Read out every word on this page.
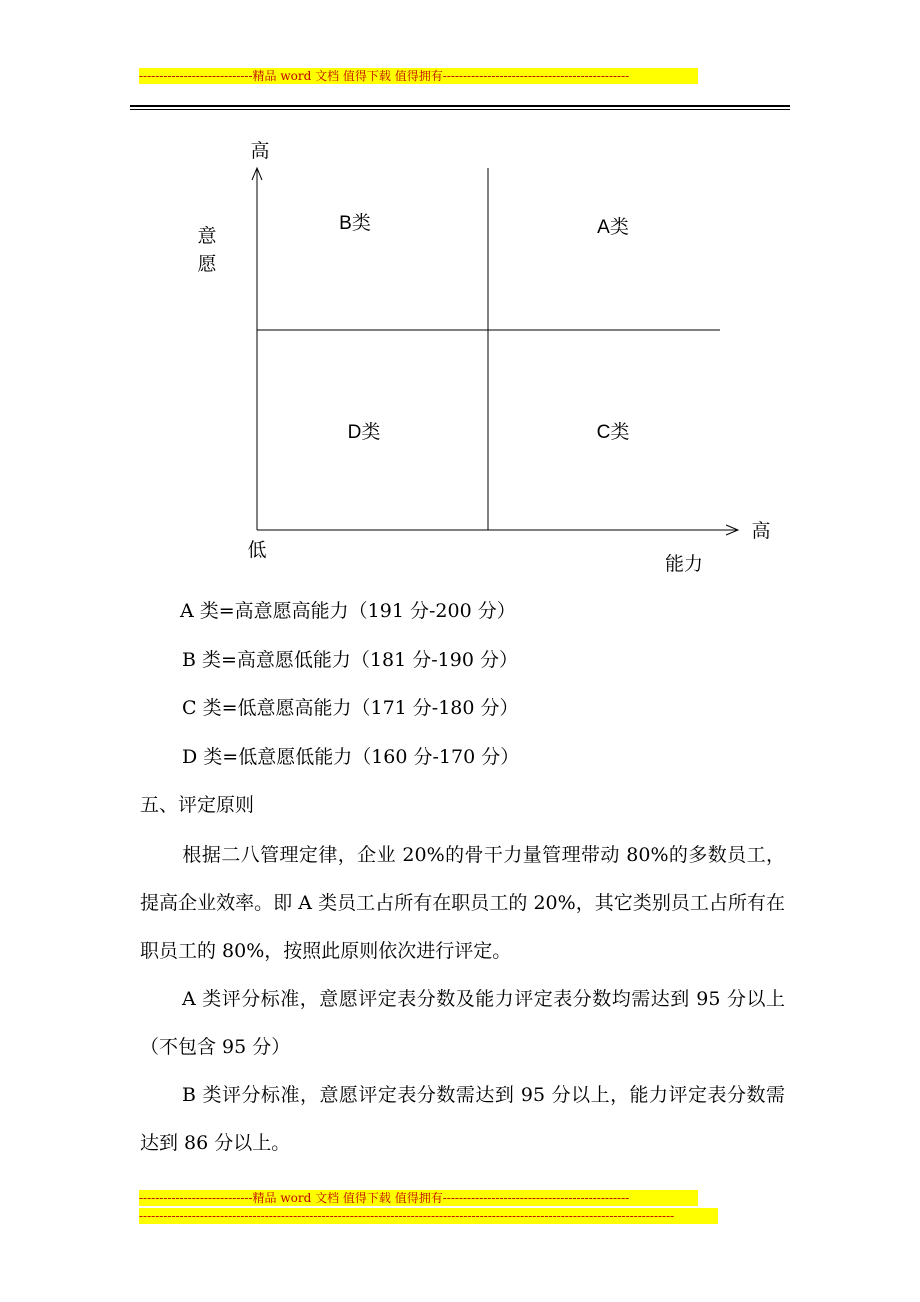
----------------------------精品 word 文档 值得下载 值得拥有----------------------------------------------
高
意
愿
高
能力
低
B类	A类
D类	C类
A 类=高意愿高能力（191 分-200 分）
B 类=高意愿低能力（181 分-190 分）
C 类=低意愿高能力（171 分-180 分）
D 类=低意愿低能力（160 分-170 分）
五、评定原则
根据二八管理定律，企业 20%的骨干力量管理带动 80%的多数员工，提高企业效率。即 A 类员工占所有在职员工的 20%，其它类别员工占所有在职员工的 80%，按照此原则依次进行评定。
A 类评分标准，意愿评定表分数及能力评定表分数均需达到 95 分以上（不包含 95 分）
B 类评分标准，意愿评定表分数需达到 95 分以上，能力评定表分数需达到 86 分以上。
----------------------------精品 word 文档 值得下载 值得拥有----------------------------------------------
------------------------------------------------------------------------------------------------------------------------------------
